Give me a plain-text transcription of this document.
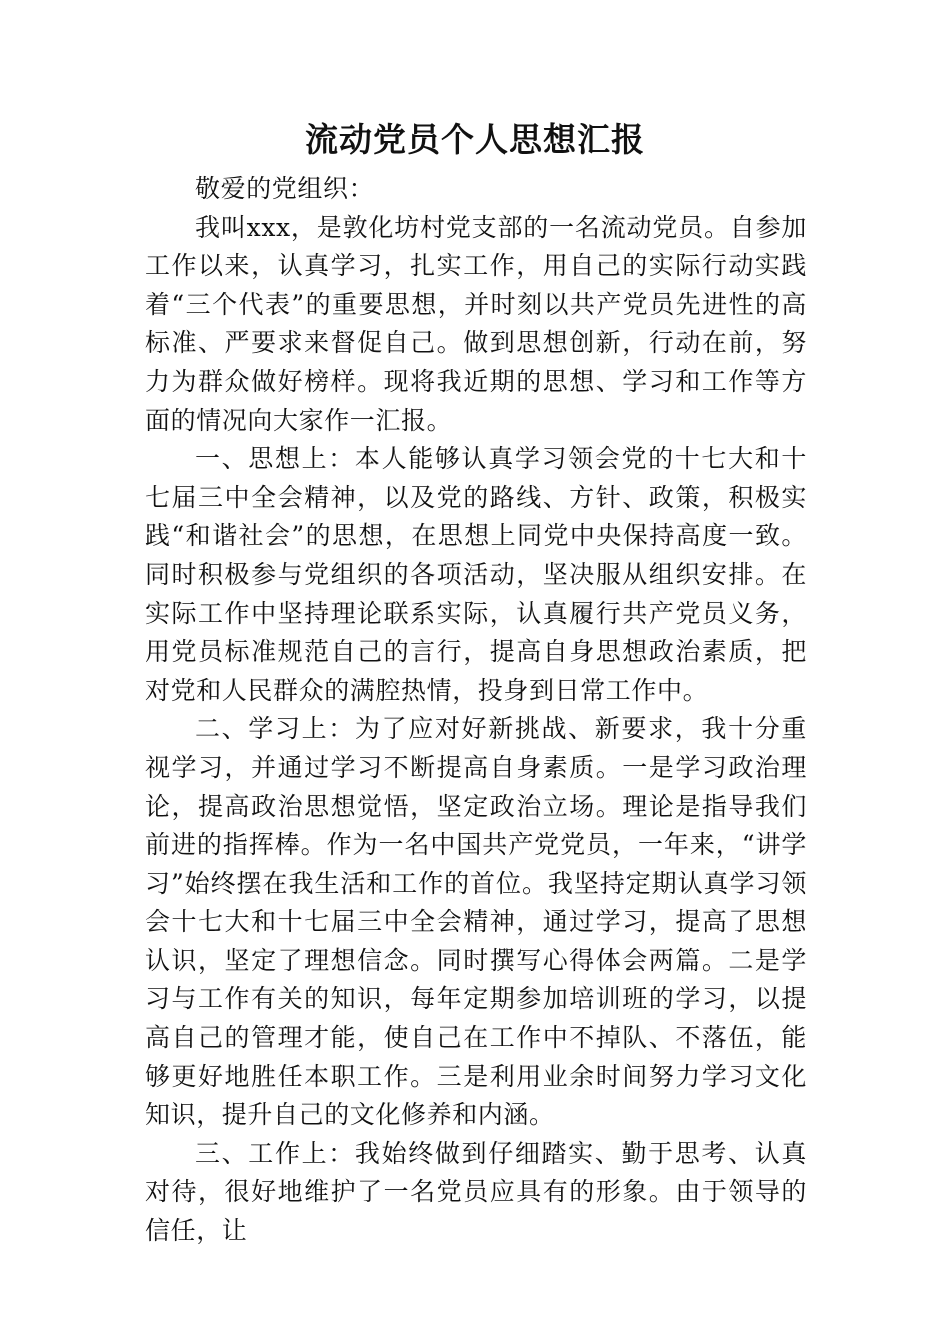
流动党员个人思想汇报

敬爱的党组织：

我叫xxx，是敦化坊村党支部的一名流动党员。自参加工作以来，认真学习，扎实工作，用自己的实际行动实践着“三个代表”的重要思想，并时刻以共产党员先进性的高标准、严要求来督促自己。做到思想创新，行动在前，努力为群众做好榜样。现将我近期的思想、学习和工作等方面的情况向大家作一汇报。

一、思想上：本人能够认真学习领会党的十七大和十七届三中全会精神，以及党的路线、方针、政策，积极实践“和谐社会”的思想，在思想上同党中央保持高度一致。同时积极参与党组织的各项活动，坚决服从组织安排。在实际工作中坚持理论联系实际，认真履行共产党员义务，用党员标准规范自己的言行，提高自身思想政治素质，把对党和人民群众的满腔热情，投身到日常工作中。

二、学习上：为了应对好新挑战、新要求，我十分重视学习，并通过学习不断提高自身素质。一是学习政治理论，提高政治思想觉悟，坚定政治立场。理论是指导我们前进的指挥棒。作为一名中国共产党党员，一年来，“讲学习”始终摆在我生活和工作的首位。我坚持定期认真学习领会十七大和十七届三中全会精神，通过学习，提高了思想认识，坚定了理想信念。同时撰写心得体会两篇。二是学习与工作有关的知识，每年定期参加培训班的学习，以提高自己的管理才能，使自己在工作中不掉队、不落伍，能够更好地胜任本职工作。三是利用业余时间努力学习文化知识，提升自己的文化修养和内涵。

三、工作上：我始终做到仔细踏实、勤于思考、认真对待，很好地维护了一名党员应具有的形象。由于领导的信任，让
